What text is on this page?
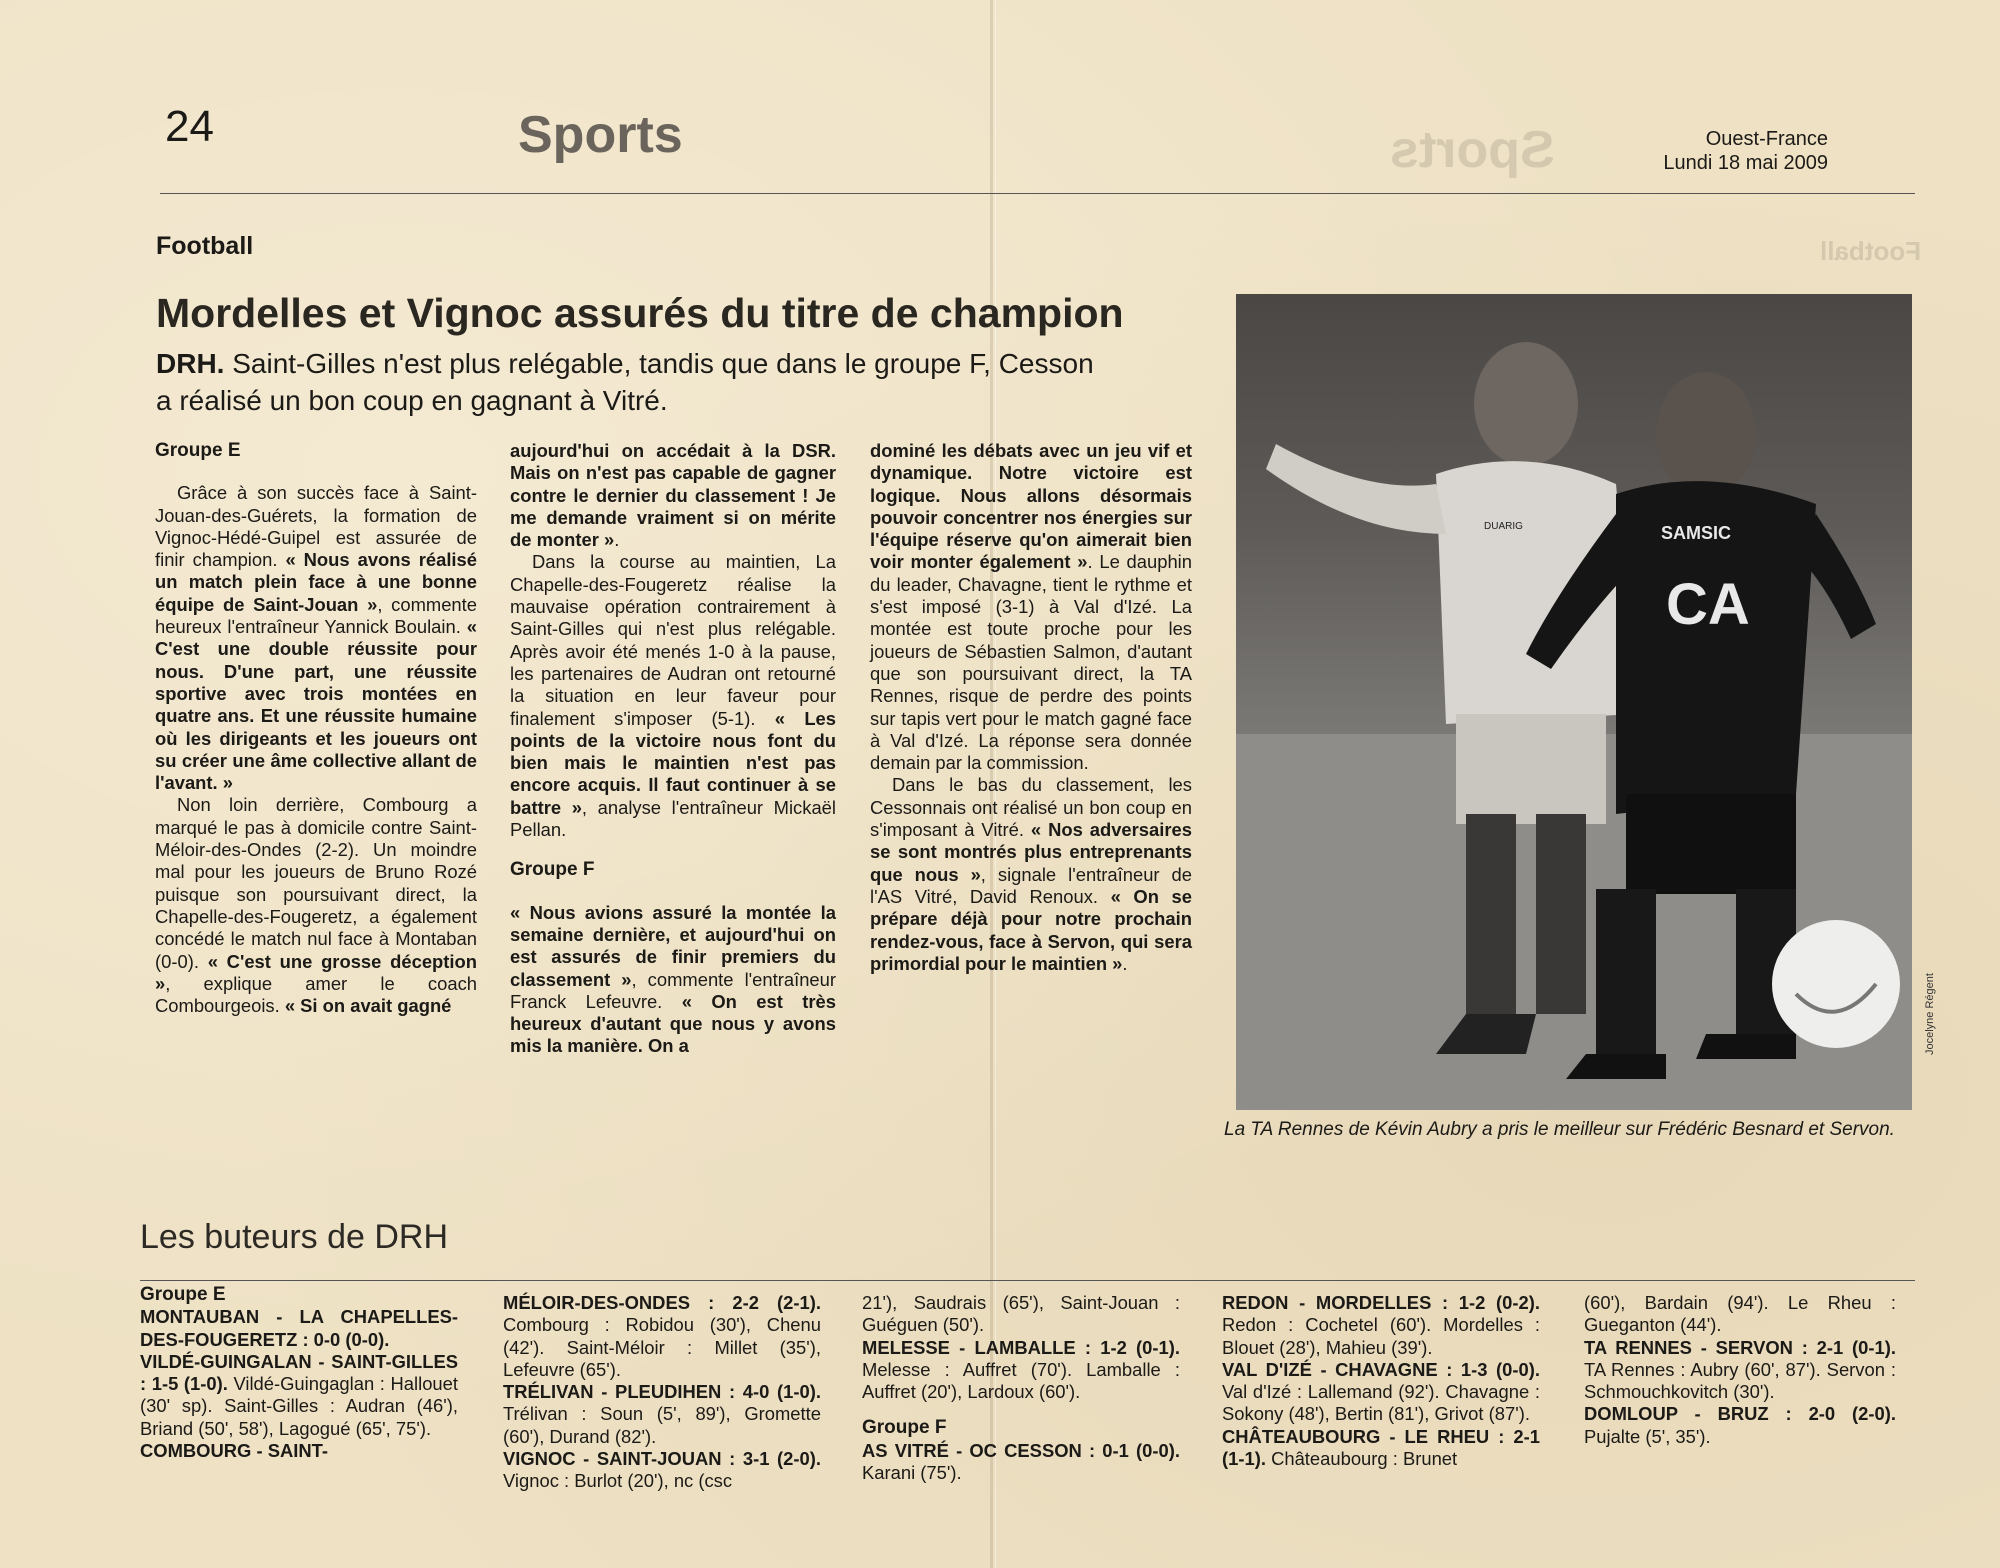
Sports
Football
24	Sports	Ouest-France
Lundi 18 mai 2009
Football
Mordelles et Vignoc assurés du titre de champion
DRH. Saint-Gilles n'est plus relégable, tandis que dans le groupe F, Cesson a réalisé un bon coup en gagnant à Vitré.

Groupe E

Grâce à son succès face à Saint-Jouan-des-Guérets, la formation de Vignoc-Hédé-Guipel est assurée de finir champion. « Nous avons réalisé un match plein face à une bonne équipe de Saint-Jouan », commente heureux l'entraîneur Yannick Boulain. « C'est une double réussite pour nous. D'une part, une réussite sportive avec trois montées en quatre ans. Et une réussite humaine où les dirigeants et les joueurs ont su créer une âme collective allant de l'avant. »

Non loin derrière, Combourg a marqué le pas à domicile contre Saint-Méloir-des-Ondes (2-2). Un moindre mal pour les joueurs de Bruno Rozé puisque son poursuivant direct, la Chapelle-des-Fougeretz, a également concédé le match nul face à Montaban (0-0). « C'est une grosse déception », explique amer le coach Combourgeois. « Si on avait gagné

aujourd'hui on accédait à la DSR. Mais on n'est pas capable de gagner contre le dernier du classement ! Je me demande vraiment si on mérite de monter ».

Dans la course au maintien, La Chapelle-des-Fougeretz réalise la mauvaise opération contrairement à Saint-Gilles qui n'est plus relégable. Après avoir été menés 1-0 à la pause, les partenaires de Audran ont retourné la situation en leur faveur pour finalement s'imposer (5-1). « Les points de la victoire nous font du bien mais le maintien n'est pas encore acquis. Il faut continuer à se battre », analyse l'entraîneur Mickaël Pellan.

Groupe F

« Nous avions assuré la montée la semaine dernière, et aujourd'hui on est assurés de finir premiers du classement », commente l'entraîneur Franck Lefeuvre. « On est très heureux d'autant que nous y avons mis la manière. On a

dominé les débats avec un jeu vif et dynamique. Notre victoire est logique. Nous allons désormais pouvoir concentrer nos énergies sur l'équipe réserve qu'on aimerait bien voir monter également ». Le dauphin du leader, Chavagne, tient le rythme et s'est imposé (3-1) à Val d'Izé. La montée est toute proche pour les joueurs de Sébastien Salmon, d'autant que son poursuivant direct, la TA Rennes, risque de perdre des points sur tapis vert pour le match gagné face à Val d'Izé. La réponse sera donnée demain par la commission.

Dans le bas du classement, les Cessonnais ont réalisé un bon coup en s'imposant à Vitré. « Nos adversaires se sont montrés plus entreprenants que nous », signale l'entraîneur de l'AS Vitré, David Renoux. « On se prépare déjà pour notre prochain rendez-vous, face à Servon, qui sera primordial pour le maintien ».

DUARIG	SAMSIC
CA
Jocelyne Régent
La TA Rennes de Kévin Aubry a pris le meilleur sur Frédéric Besnard et Servon.
Les buteurs de DRH

Groupe E

MONTAUBAN - LA CHAPELLES-DES-FOUGERETZ : 0-0 (0-0).

VILDÉ-GUINGALAN - SAINT-GILLES : 1-5 (1-0). Vildé-Guingaglan : Hallouet (30' sp). Saint-Gilles : Audran (46'), Briand (50', 58'), Lagogué (65', 75').

COMBOURG - SAINT-

MÉLOIR-DES-ONDES : 2-2 (2-1). Combourg : Robidou (30'), Chenu (42'). Saint-Méloir : Millet (35'), Lefeuvre (65').

TRÉLIVAN - PLEUDIHEN : 4-0 (1-0). Trélivan : Soun (5', 89'), Gromette (60'), Durand (82').

VIGNOC - SAINT-JOUAN : 3-1 (2-0). Vignoc : Burlot (20'), nc (csc

21'), Saudrais (65'), Saint-Jouan : Guéguen (50').

MELESSE - LAMBALLE : 1-2 (0-1). Melesse : Auffret (70'). Lamballe : Auffret (20'), Lardoux (60').

Groupe F

AS VITRÉ - OC CESSON : 0-1 (0-0). Karani (75').

REDON - MORDELLES : 1-2 (0-2). Redon : Cochetel (60'). Mordelles : Blouet (28'), Mahieu (39').

VAL D'IZÉ - CHAVAGNE : 1-3 (0-0). Val d'Izé : Lallemand (92'). Chavagne : Sokony (48'), Bertin (81'), Grivot (87').

CHÂTEAUBOURG - LE RHEU : 2-1 (1-1). Châteaubourg : Brunet

(60'), Bardain (94'). Le Rheu : Gueganton (44').

TA RENNES - SERVON : 2-1 (0-1). TA Rennes : Aubry (60', 87'). Servon : Schmouchkovitch (30').

DOMLOUP - BRUZ : 2-0 (2-0). Pujalte (5', 35').
